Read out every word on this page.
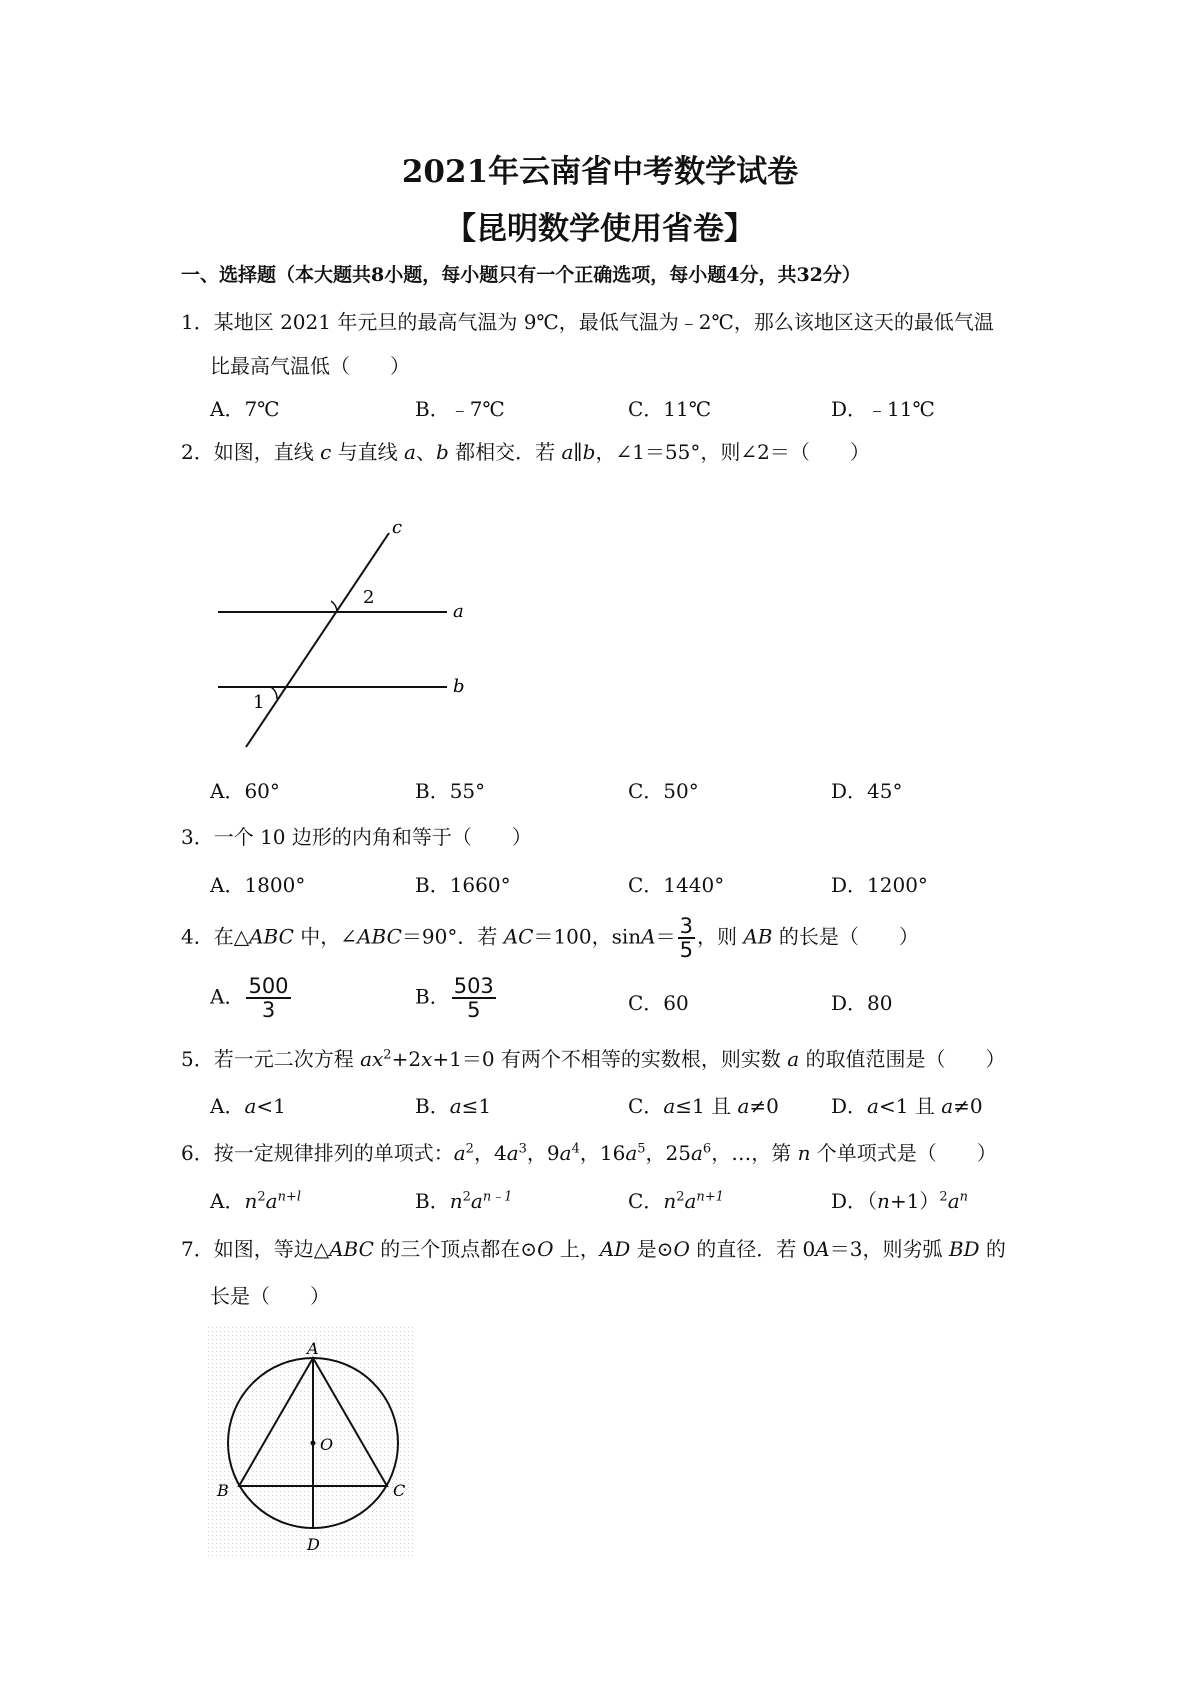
2021年云南省中考数学试卷
【昆明数学使用省卷】
一、选择题（本大题共8小题，每小题只有一个正确选项，每小题4分，共32分）
1．某地区 2021 年元旦的最高气温为 9℃，最低气温为﹣2℃，那么该地区这天的最低气温
比最高气温低（　　）
A．7℃	B．﹣7℃	C．11℃	D．﹣11℃
2．如图，直线 c 与直线 a、b 都相交．若 a∥b，∠1＝55°，则∠2＝（　　）
c
a
b
2
1
A．60°	B．55°	C．50°	D．45°
3．一个 10 边形的内角和等于（　　）
A．1800°	B．1660°	C．1440°	D．1200°
4．在△ABC 中，∠ABC＝90°．若 AC＝100，$\sin A= \frac{3}{5}$ ，则 AB 的长是（　　）
A． $\frac{500}{3}$	B． $\frac{503}{5}$	C．60	D．80
5．若一元二次方程 $ax^2+2x+1=0$ 有两个不相等的实数根，则实数 a 的取值范围是（　　）
A．a<1	B．a≤1	C．a≤1 且 a≠0	D．a<1 且 a≠0
6．按一定规律排列的单项式：$a^2$，$4a^3$，$9a^4$，$16a^5$，$25a^6$，…，第 n 个单项式是（　　）
A．$n^2a^{n+l}$	B．$n^2a^{n﹣1}$	C．$n^2a^{n+1}$	D．$(n+1)^2a^n$
7．如图，等边△ABC 的三个顶点都在⊙O 上，AD 是⊙O 的直径．若 0A＝3，则劣弧 BD 的
长是（　　）
A
B	C
D
O
